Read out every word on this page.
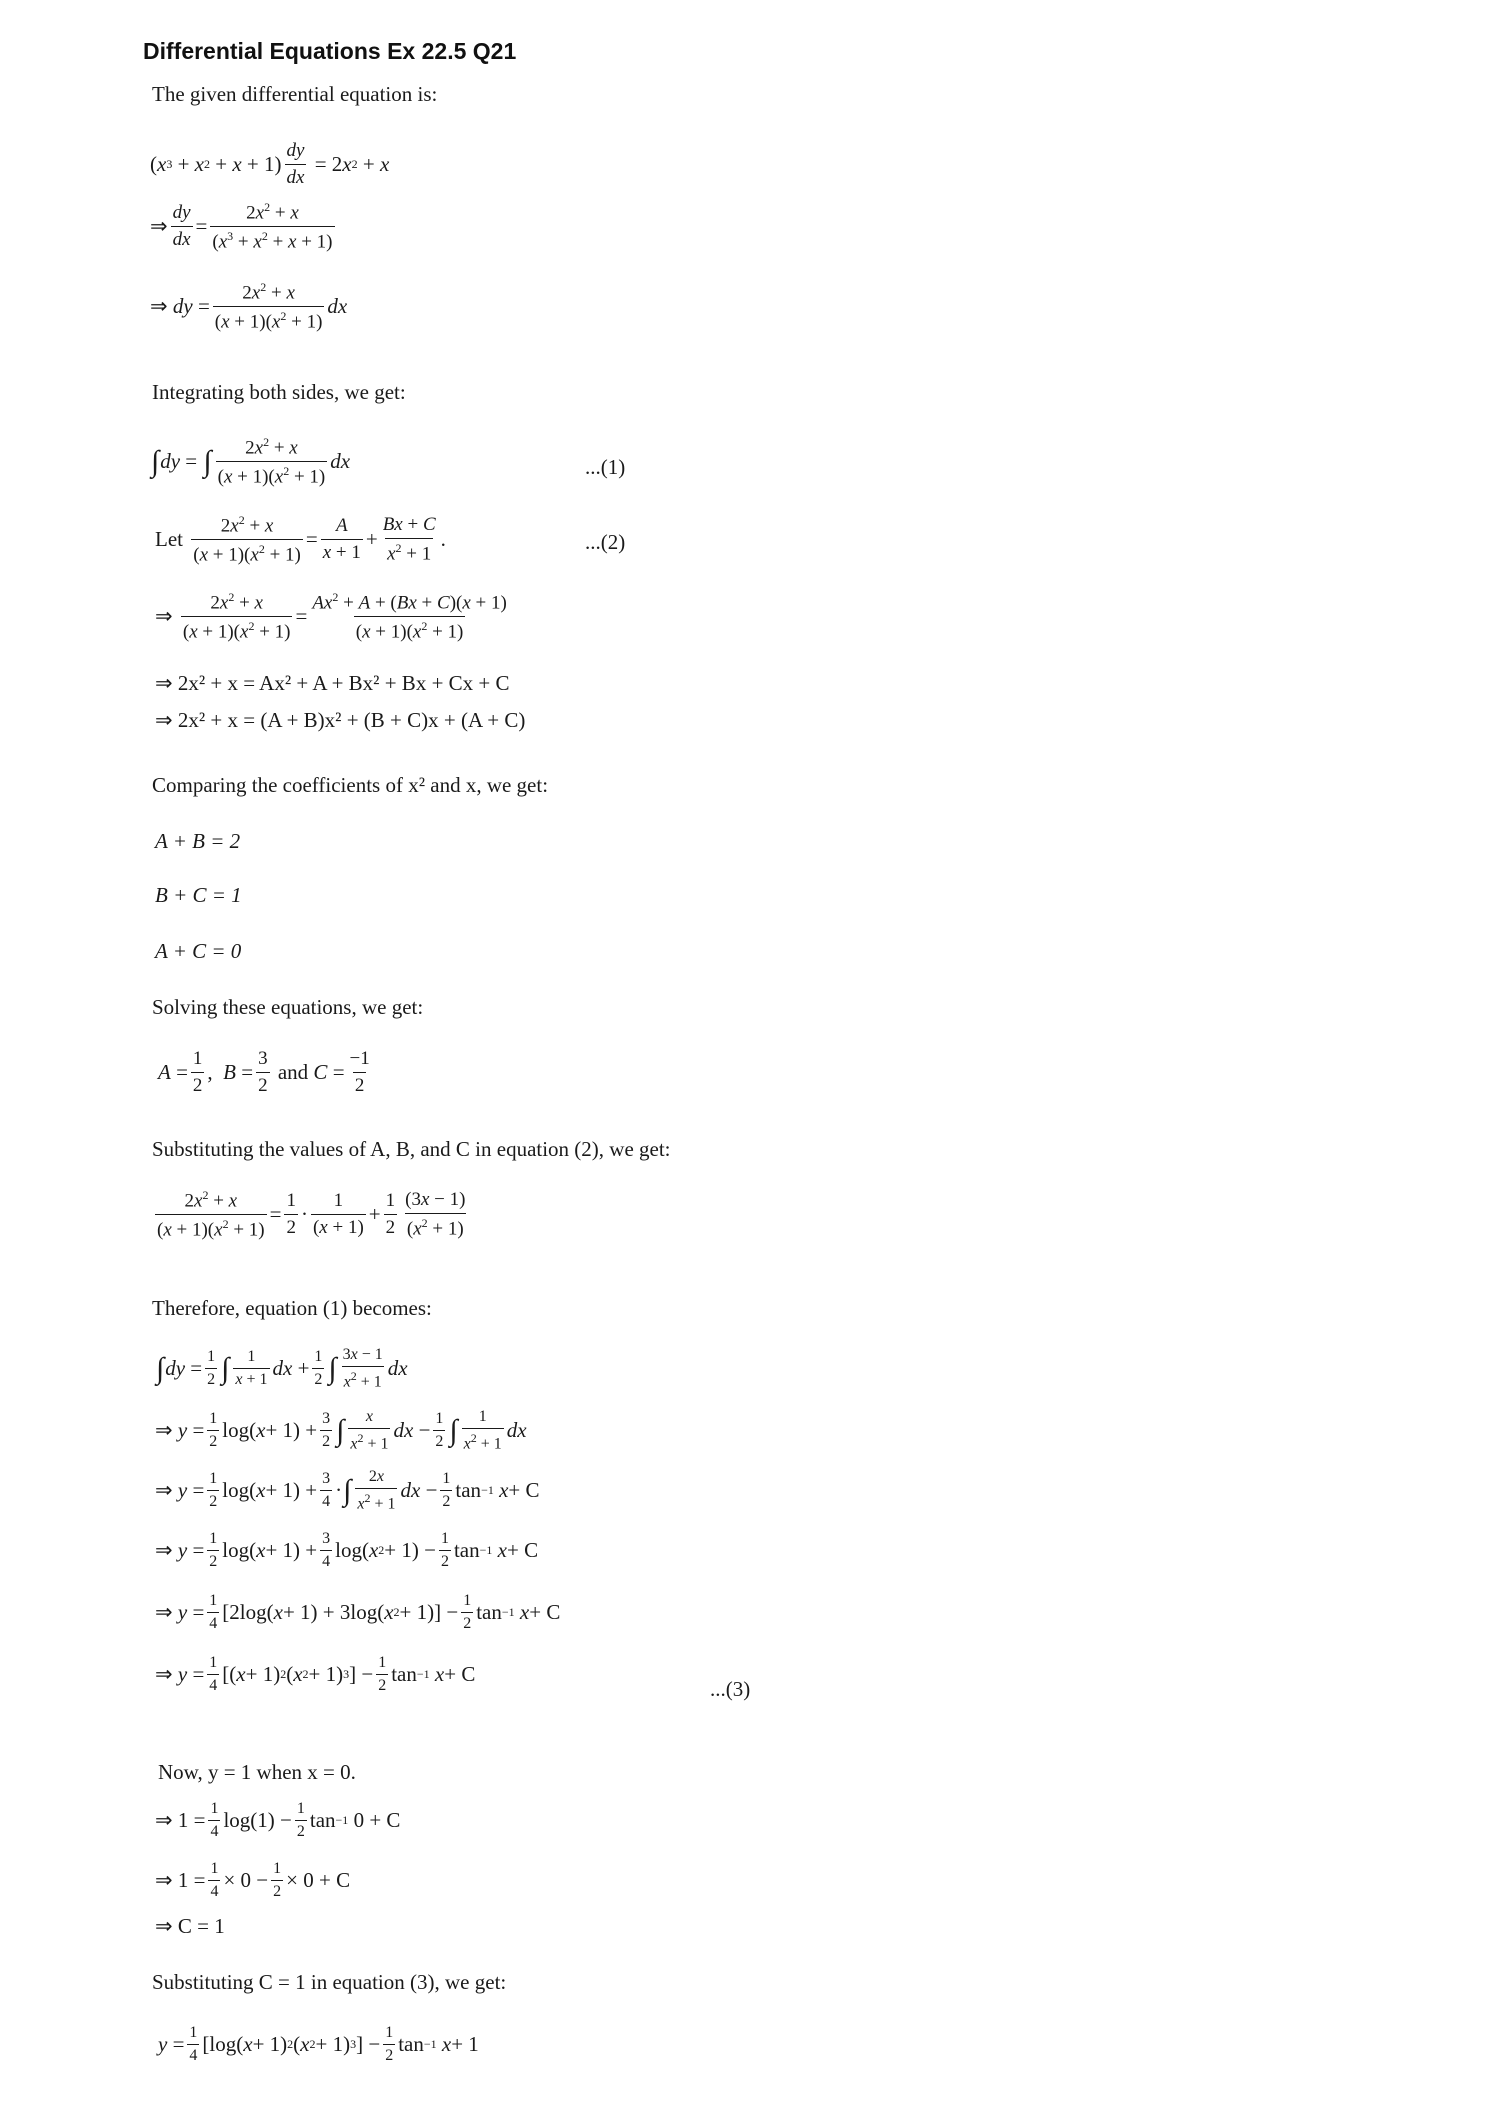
Differential Equations Ex 22.5 Q21
The given differential equation is:
( x 3 + x $2 + x + 1) \frac{dy}{dx} = 2$ x 2 + x
⇒ $\frac{dy}{dx} = \frac{2x^2 + x}{(x^3 + x^2 + x + 1)}$
⇒ dy = $\frac{2x^2 + x}{(x + 1)(x^2 + 1)}$ dx
Integrating both sides, we get:
∫ dy = ∫ $\frac{2x^2 + x}{(x + 1)(x^2 + 1)}$ dx	...(1)
Let $\frac{2x^2 + x}{(x + 1)(x^2 + 1)} = \frac{A}{x + 1} + \frac{Bx + C}{x^2 + 1}$ .	...(2)
⇒ $\frac{2x^2 + x}{(x + 1)(x^2 + 1)} = \frac{Ax^2 + A + (Bx + C)(x + 1)}{(x + 1)(x^2 + 1)}$
⇒ 2x² + x = Ax² + A + Bx² + Bx + Cx + C
⇒ 2x² + x = (A + B)x² + (B + C)x + (A + C)
Comparing the coefficients of x² and x, we get:
A + B = 2
B + C = 1
A + C = 0
Solving these equations, we get:
$A = \frac{1}{2}$ , $B = \frac{3}{2}$ and $C = \frac{-1}{2}$
Substituting the values of A, B, and C in equation (2), we get:
$\frac{2x^2 + x}{(x + 1)(x^2 + 1)} = \frac{1}{2} \cdot \frac{1}{(x + 1)} + \frac{1}{2} \frac{(3x - 1)}{(x^2 + 1)}$
Therefore, equation (1) becomes:
∫ dy = $\frac{1}{2}$ ∫ $\frac{1}{x + 1}$ dx + $\frac{1}{2}$ ∫ $\frac{3x - 1}{x^2 + 1}$ dx
⇒ $y = \frac{1}{2} \log$( $x + 1) + \frac{3}{2}$ ∫ $\frac{x}{x^2 + 1}$ dx − $\frac{1}{2}$ ∫ $\frac{1}{x^2 + 1}$ dx
⇒ $y = \frac{1}{2} \log$( $x + 1) + \frac{3}{4}$ · ∫ $\frac{2x}{x^2 + 1}$ dx − $\frac{1}{2}$ tan −1
x + C
⇒ $y = \frac{1}{2} \log$( $x + 1) + \frac{3}{4} \log$( x $2 + 1) - \frac{1}{2}$ tan −1
x + C
⇒ $y = \frac{1}{4} [2\log$( x + 1) + 3log( x $2 + 1)] - \frac{1}{2}$ tan −1
x + C
⇒ $y = \frac{1}{4}$ [( x + 1) 2 ( x 2 + 1) 3 ] − $\frac{1}{2}$ tan −1
x + C
...(3)
Now, y = 1 when x = 0.
⇒ $1 = \frac{1}{4} \log(1) - \frac{1}{2}$ tan −1 0 + C
⇒ $1 = \frac{1}{4} \times 0 - \frac{1}{2} \times 0 + C$
⇒ C = 1
Substituting C = 1 in equation (3), we get:
$y = \frac{1}{4} [\log$( x + 1) 2 ( x 2 + 1) 3 ] − $\frac{1}{2}$ tan −1
x + 1
